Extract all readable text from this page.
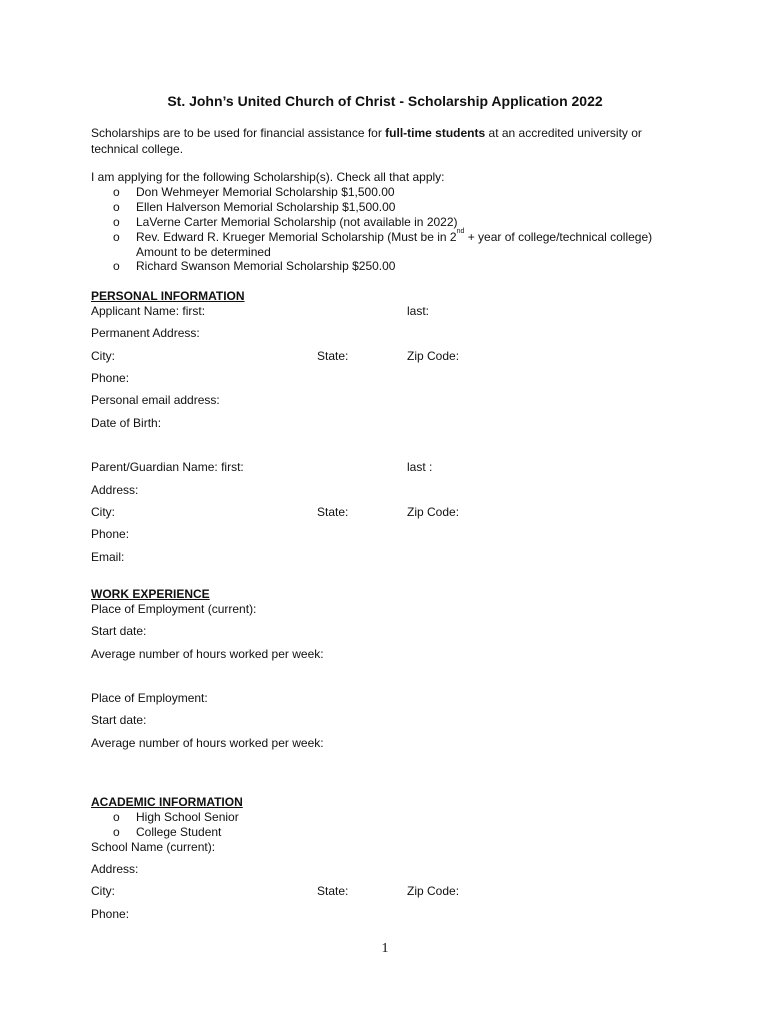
St. John’s United Church of Christ - Scholarship Application 2022
Scholarships are to be used for financial assistance for full-time students at an accredited university or technical college.
I am applying for the following Scholarship(s). Check all that apply:
o Don Wehmeyer Memorial Scholarship $1,500.00
o Ellen Halverson Memorial Scholarship $1,500.00
o LaVerne Carter Memorial Scholarship (not available in 2022)
o Rev. Edward R. Krueger Memorial Scholarship (Must be in 2nd + year of college/technical college)
Amount to be determined
o Richard Swanson Memorial Scholarship $250.00
PERSONAL INFORMATION
Applicant Name: first:	last:
Permanent Address:
City:	State:	Zip Code:
Phone:
Personal email address:
Date of Birth:
Parent/Guardian Name: first:	last :
Address:
City:	State:	Zip Code:
Phone:
Email:
WORK EXPERIENCE
Place of Employment (current):
Start date:
Average number of hours worked per week:
Place of Employment:
Start date:
Average number of hours worked per week:
ACADEMIC INFORMATION
o High School Senior
o College Student
School Name (current):
Address:
City:	State:	Zip Code:
Phone:
1
